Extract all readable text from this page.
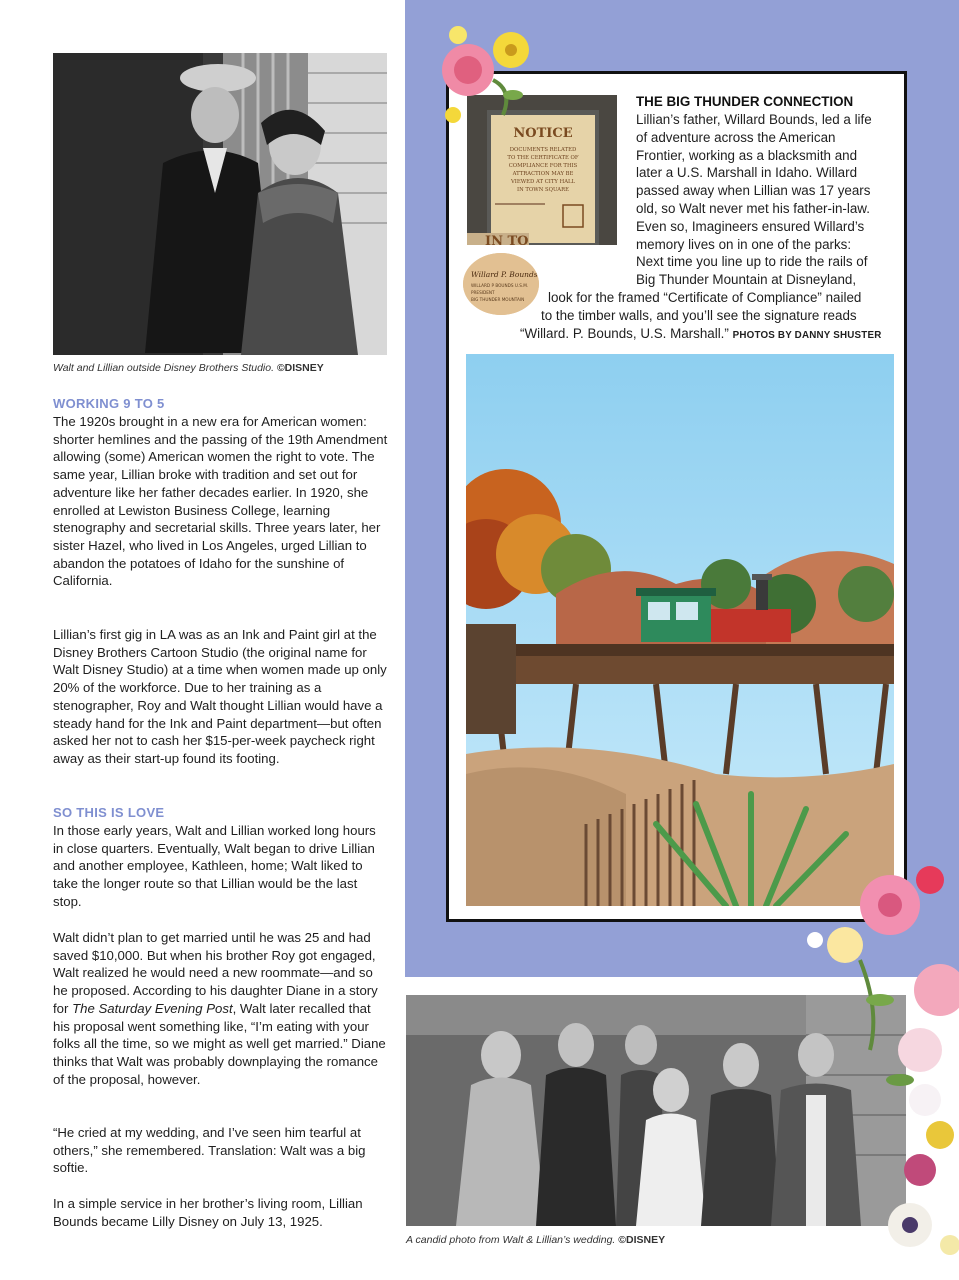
Walt and Lillian outside Disney Brothers Studio. ©DISNEY
WORKING 9 TO 5
The 1920s brought in a new era for American women: shorter hemlines and the passing of the 19th Amendment allowing (some) American women the right to vote. The same year, Lillian broke with tradition and set out for adventure like her father decades earlier. In 1920, she enrolled at Lewiston Business College, learning stenography and secretarial skills. Three years later, her sister Hazel, who lived in Los Angeles, urged Lillian to abandon the potatoes of Idaho for the sunshine of California.
Lillian’s first gig in LA was as an Ink and Paint girl at the Disney Brothers Cartoon Studio (the original name for Walt Disney Studio) at a time when women made up only 20% of the workforce. Due to her training as a stenographer, Roy and Walt thought Lillian would have a steady hand for the Ink and Paint department—but often asked her not to cash her $15-per-week paycheck right away as their start-up found its footing.
SO THIS IS LOVE
In those early years, Walt and Lillian worked long hours in close quarters. Eventually, Walt began to drive Lillian and another employee, Kathleen, home; Walt liked to take the longer route so that Lillian would be the last stop.
Walt didn’t plan to get married until he was 25 and had saved $10,000. But when his brother Roy got engaged, Walt realized he would need a new roommate—and so he proposed. According to his daughter Diane in a story for The Saturday Evening Post, Walt later recalled that his proposal went something like, “I’m eating with your folks all the time, so we might as well get married.” Diane thinks that Walt was probably downplaying the romance of the proposal, however.
“He cried at my wedding, and I’ve seen him tearful at others,” she remembered. Translation: Walt was a big softie.
In a simple service in her brother’s living room, Lillian Bounds became Lilly Disney on July 13, 1925.
NOTICE
DOCUMENTS RELATED
TO THE CERTIFICATE OF
COMPLIANCE FOR THIS
ATTRACTION MAY BE
VIEWED AT CITY HALL
IN TOWN SQUARE
IN TO
Willard P. Bounds
WILLARD P BOUNDS U.S.M.
PRESIDENT
BIG THUNDER MOUNTAIN
THE BIG THUNDER CONNECTION
Lillian’s father, Willard Bounds, led a life
of adventure across the American
Frontier, working as a blacksmith and
later a U.S. Marshall in Idaho. Willard
passed away when Lillian was 17 years
old, so Walt never met his father-in-law.
Even so, Imagineers ensured Willard’s
memory lives on in one of the parks:
Next time you line up to ride the rails of
Big Thunder Mountain at Disneyland,
look for the framed “Certificate of Compliance” nailed
to the timber walls, and you’ll see the signature reads
“Willard. P. Bounds, U.S. Marshall.” PHOTOS BY DANNY SHUSTER
A candid photo from Walt & Lillian’s wedding. ©DISNEY
